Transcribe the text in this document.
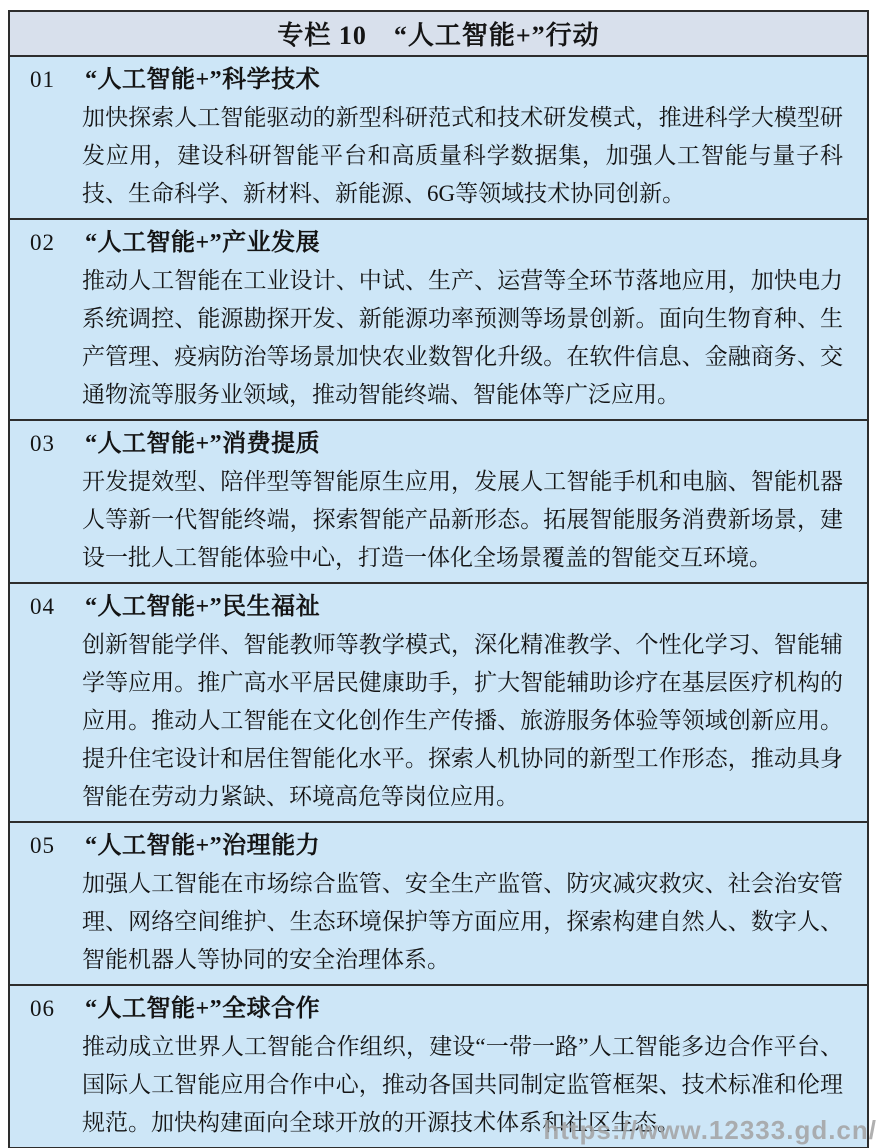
专栏 10　“人工智能+”行动
01	“人工智能+”科学技术
加快探索人工智能驱动的新型科研范式和技术研发模式，推进科学大模型研发应用，建设科研智能平台和高质量科学数据集，加强人工智能与量子科技、生命科学、新材料、新能源、6G等领域技术协同创新。
02	“人工智能+”产业发展
推动人工智能在工业设计、中试、生产、运营等全环节落地应用，加快电力系统调控、能源勘探开发、新能源功率预测等场景创新。面向生物育种、生产管理、疫病防治等场景加快农业数智化升级。在软件信息、金融商务、交通物流等服务业领域，推动智能终端、智能体等广泛应用。
03	“人工智能+”消费提质
开发提效型、陪伴型等智能原生应用，发展人工智能手机和电脑、智能机器人等新一代智能终端，探索智能产品新形态。拓展智能服务消费新场景，建设一批人工智能体验中心，打造一体化全场景覆盖的智能交互环境。
04	“人工智能+”民生福祉
创新智能学伴、智能教师等教学模式，深化精准教学、个性化学习、智能辅学等应用。推广高水平居民健康助手，扩大智能辅助诊疗在基层医疗机构的应用。推动人工智能在文化创作生产传播、旅游服务体验等领域创新应用。提升住宅设计和居住智能化水平。探索人机协同的新型工作形态，推动具身智能在劳动力紧缺、环境高危等岗位应用。
05	“人工智能+”治理能力
加强人工智能在市场综合监管、安全生产监管、防灾减灾救灾、社会治安管理、网络空间维护、生态环境保护等方面应用，探索构建自然人、数字人、智能机器人等协同的安全治理体系。
06	“人工智能+”全球合作
推动成立世界人工智能合作组织，建设“一带一路”人工智能多边合作平台、国际人工智能应用合作中心，推动各国共同制定监管框架、技术标准和伦理规范。加快构建面向全球开放的开源技术体系和社区生态。
https://www.12333.gd.cn/
